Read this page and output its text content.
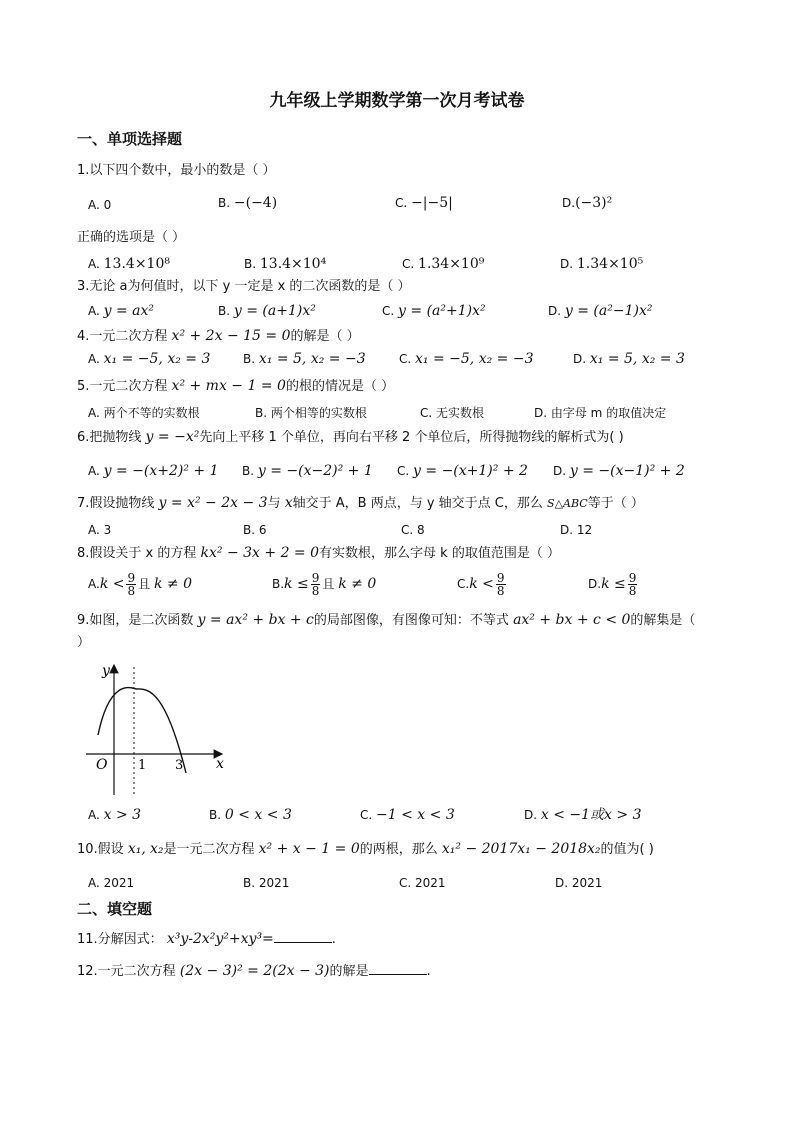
九年级上学期数学第一次月考试卷
一、单项选择题
1.以下四个数中，最小的数是（ ）
A. 0	B. −(−4)	C. −|−5|	D.(−3)²
正确的选项是（ ）
A. 13.4×10⁸	B. 13.4×10⁴	C. 1.34×10⁹	D. 1.34×10⁵
3.无论 a为何值时，以下 y 一定是 x 的二次函数的是（ ）
A. y = ax²	B. y = (a+1)x²	C. y = (a²+1)x²	D. y = (a²−1)x²
4.一元二次方程 x² + 2x − 15 = 0的解是（ ）
A. x₁ = −5, x₂ = 3	B. x₁ = 5, x₂ = −3	C. x₁ = −5, x₂ = −3	D. x₁ = 5, x₂ = 3
5.一元二次方程 x² + mx − 1 = 0的根的情况是（ ）
A. 两个不等的实数根	B. 两个相等的实数根	C. 无实数根	D. 由字母 m 的取值决定
6.把抛物线 y = −x²先向上平移 1 个单位，再向右平移 2 个单位后，所得抛物线的解析式为( )
A. y = −(x+2)² + 1 B. y = −(x−2)² + 1 C. y = −(x+1)² + 2 D. y = −(x−1)² + 2
7.假设抛物线 y = x² − 2x − 3与 x轴交于 A，B 两点，与 y 轴交于点 C，那么 S△ABC等于（ ）
A. 3	B. 6	C. 8	D. 12
8.假设关于 x 的方程 kx² − 3x + 2 = 0有实数根，那么字母 k 的取值范围是（ ）
$A.k < \frac{9}{8}$ 且 k ≠ 0	$B.k \le \frac{9}{8}$ 且 k ≠ 0	$C.k < \frac{9}{8}$	$D.k \le \frac{9}{8}$
9.如图，是二次函数 y = ax² + bx + c的局部图像，有图像可知：不等式 ax² + bx + c < 0的解集是（
）
y
x
O 1 3
A. x > 3	B. 0 < x < 3	C. −1 < x < 3	D. x < −1或x > 3
10.假设 x₁, x₂是一元二次方程 x² + x − 1 = 0的两根，那么 x₁² − 2017x₁ − 2018x₂的值为( )
A. 2021	B. 2021	C. 2021	D. 2021
二、填空题
11.分解因式： x³y-2x²y²+xy³=	.
12.一元二次方程 (2x − 3)² = 2(2x − 3)的解是	.
